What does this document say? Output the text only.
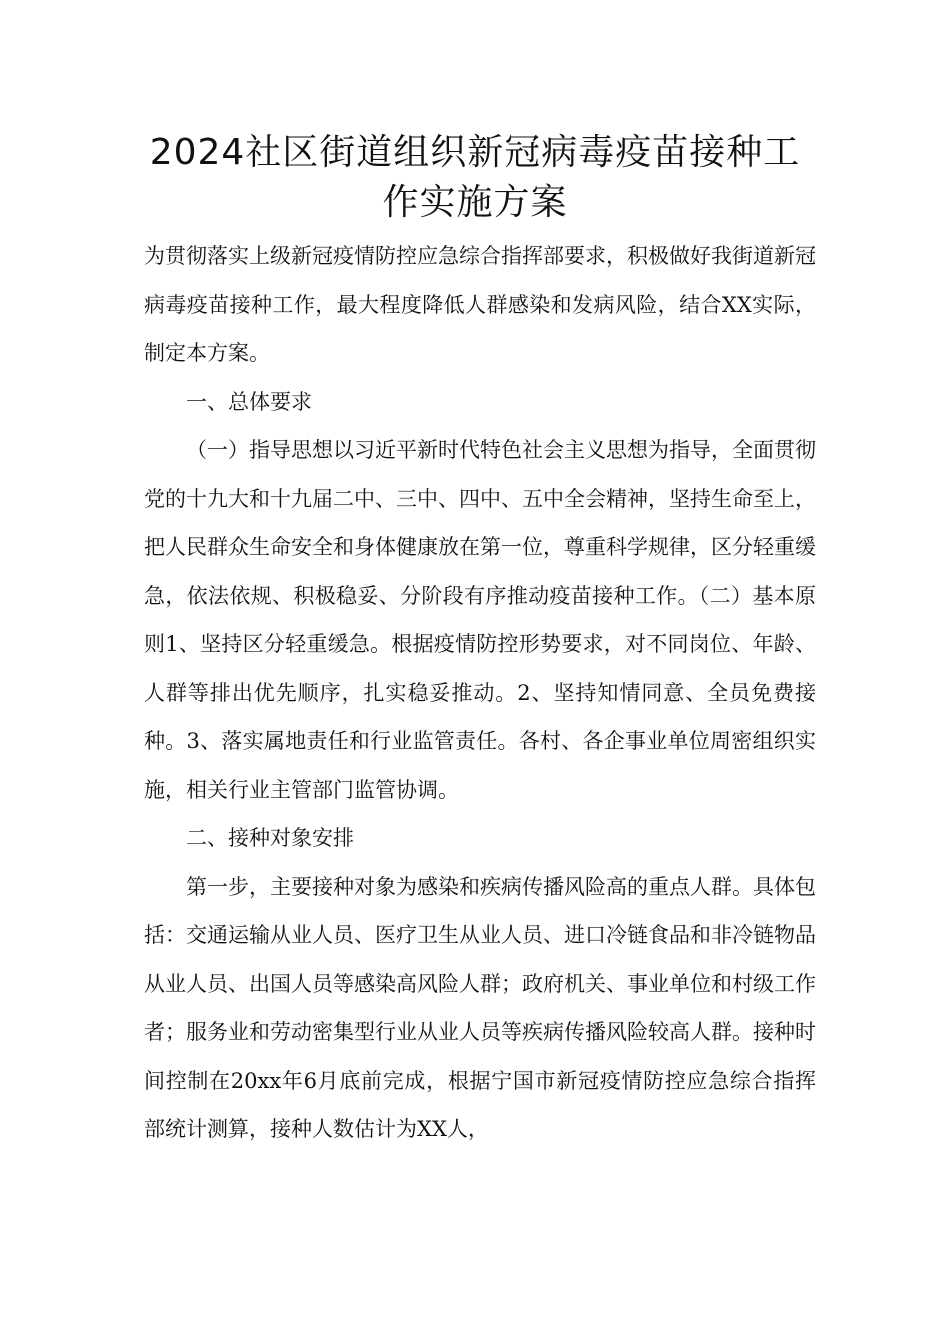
2024社区街道组织新冠病毒疫苗接种工
作实施方案

为贯彻落实上级新冠疫情防控应急综合指挥部要求，积极做好我街道新冠病毒疫苗接种工作，最大程度降低人群感染和发病风险，结合XX实际，制定本方案。

一、总体要求

（一）指导思想以习近平新时代特色社会主义思想为指导，全面贯彻党的十九大和十九届二中、三中、四中、五中全会精神，坚持生命至上，把人民群众生命安全和身体健康放在第一位，尊重科学规律，区分轻重缓急，依法依规、积极稳妥、分阶段有序推动疫苗接种工作。（二）基本原则1、坚持区分轻重缓急。根据疫情防控形势要求，对不同岗位、年龄、人群等排出优先顺序，扎实稳妥推动。2、坚持知情同意、全员免费接种。3、落实属地责任和行业监管责任。各村、各企事业单位周密组织实施，相关行业主管部门监管协调。

二、接种对象安排

第一步，主要接种对象为感染和疾病传播风险高的重点人群。具体包括：交通运输从业人员、医疗卫生从业人员、进口冷链食品和非冷链物品从业人员、出国人员等感染高风险人群；政府机关、事业单位和村级工作者；服务业和劳动密集型行业从业人员等疾病传播风险较高人群。接种时间控制在20xx年6月底前完成，根据宁国市新冠疫情防控应急综合指挥部统计测算，接种人数估计为XX人，
